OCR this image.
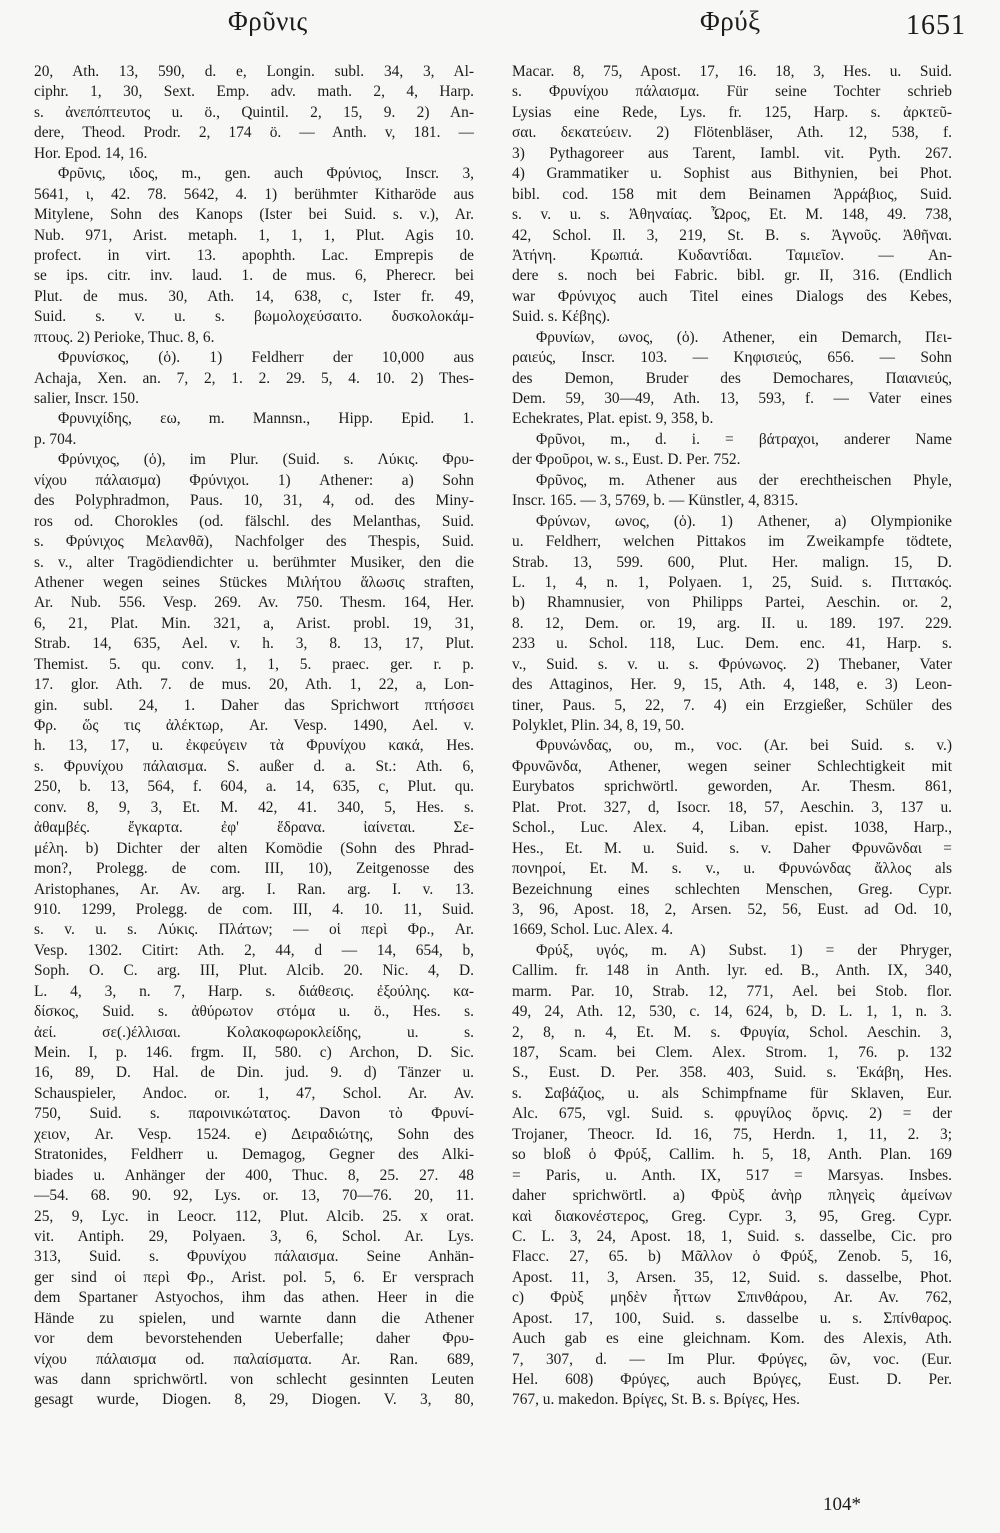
Φρῦνις	Φρύξ	1651
20, Ath. 13, 590, d. e, Longin. subl. 34, 3, Al-
ciphr. 1, 30, Sext. Emp. adv. math. 2, 4, Harp.
s. ἀνεπόπτευτος u. ö., Quintil. 2, 15, 9. 2) An-
dere, Theod. Prodr. 2, 174 ö. — Anth. v, 181. —
Hor. Epod. 14, 16.
Φρῦνις, ιδος, m., gen. auch Φρύνιος, Inscr. 3,
5641, ι, 42. 78. 5642, 4. 1) berühmter Kitharöde aus
Mitylene, Sohn des Kanops (Ister bei Suid. s. v.), Ar.
Nub. 971, Arist. metaph. 1, 1, 1, Plut. Agis 10.
profect. in virt. 13. apophth. Lac. Emprepis de
se ips. citr. inv. laud. 1. de mus. 6, Pherecr. bei
Plut. de mus. 30, Ath. 14, 638, c, Ister fr. 49,
Suid. s. v. u. s. βωμολοχεύσαιτο. δυσκολοκάμ-
πτους. 2) Perioke, Thuc. 8, 6.
Φρυνίσκος, (ὁ). 1) Feldherr der 10,000 aus
Achaja, Xen. an. 7, 2, 1. 2. 29. 5, 4. 10. 2) Thes-
salier, Inscr. 150.
Φρυνιχίδης, εω, m. Mannsn., Hipp. Epid. 1.
p. 704.
Φρύνιχος, (ὁ), im Plur. (Suid. s. Λύκις. Φρυ-
νίχου πάλαισμα) Φρύνιχοι. 1) Athener: a) Sohn
des Polyphradmon, Paus. 10, 31, 4, od. des Miny-
ros od. Chorokles (od. fälschl. des Melanthas, Suid.
s. Φρύνιχος Μελανθᾶ), Nachfolger des Thespis, Suid.
s. v., alter Tragödiendichter u. berühmter Musiker, den die
Athener wegen seines Stückes Μιλήτου ἅλωσις straften,
Ar. Nub. 556. Vesp. 269. Av. 750. Thesm. 164, Her.
6, 21, Plat. Min. 321, a, Arist. probl. 19, 31,
Strab. 14, 635, Ael. v. h. 3, 8. 13, 17, Plut.
Themist. 5. qu. conv. 1, 1, 5. praec. ger. r. p.
17. glor. Ath. 7. de mus. 20, Ath. 1, 22, a, Lon-
gin. subl. 24, 1. Daher das Sprichwort πτήσσει
Φρ. ὥς τις ἀλέκτωρ, Ar. Vesp. 1490, Ael. v.
h. 13, 17, u. ἐκφεύγειν τὰ Φρυνίχου κακά, Hes.
s. Φρυνίχου πάλαισμα. S. außer d. a. St.: Ath. 6,
250, b. 13, 564, f. 604, a. 14, 635, c, Plut. qu.
conv. 8, 9, 3, Et. M. 42, 41. 340, 5, Hes. s.
ἀθαμβές. ἔγκαρτα. ἐφ' ἕδρανα. ἰαίνεται. Σε-
μέλη. b) Dichter der alten Komödie (Sohn des Phrad-
mon?, Prolegg. de com. III, 10), Zeitgenosse des
Aristophanes, Ar. Av. arg. I. Ran. arg. I. v. 13.
910. 1299, Prolegg. de com. III, 4. 10. 11, Suid.
s. v. u. s. Λύκις. Πλάτων; — οἱ περὶ Φρ., Ar.
Vesp. 1302. Citirt: Ath. 2, 44, d — 14, 654, b,
Soph. O. C. arg. III, Plut. Alcib. 20. Nic. 4, D.
L. 4, 3, n. 7, Harp. s. διάθεσις. ἐξούλης. κα-
δίσκος, Suid. s. ἀθύρωτον στόμα u. ö., Hes. s.
ἀεί. σε(.)έλλισαι. Κολακοφωροκλείδης, u. s.
Mein. I, p. 146. frgm. II, 580. c) Archon, D. Sic.
16, 89, D. Hal. de Din. jud. 9. d) Tänzer u.
Schauspieler, Andoc. or. 1, 47, Schol. Ar. Av.
750, Suid. s. παροινικώτατος. Davon τὸ Φρυνί-
χειον, Ar. Vesp. 1524. e) Δειραδιώτης, Sohn des
Stratonides, Feldherr u. Demagog, Gegner des Alki-
biades u. Anhänger der 400, Thuc. 8, 25. 27. 48
—54. 68. 90. 92, Lys. or. 13, 70—76. 20, 11.
25, 9, Lyc. in Leocr. 112, Plut. Alcib. 25. x orat.
vit. Antiph. 29, Polyaen. 3, 6, Schol. Ar. Lys.
313, Suid. s. Φρυνίχου πάλαισμα. Seine Anhän-
ger sind οἱ περὶ Φρ., Arist. pol. 5, 6. Er versprach
dem Spartaner Astyochos, ihm das athen. Heer in die
Hände zu spielen, und warnte dann die Athener
vor dem bevorstehenden Ueberfalle; daher Φρυ-
νίχου πάλαισμα od. παλαίσματα. Ar. Ran. 689,
was dann sprichwörtl. von schlecht gesinnten Leuten
gesagt wurde, Diogen. 8, 29, Diogen. V. 3, 80,
Macar. 8, 75, Apost. 17, 16. 18, 3, Hes. u. Suid.
s. Φρυνίχου πάλαισμα. Für seine Tochter schrieb
Lysias eine Rede, Lys. fr. 125, Harp. s. ἀρκτεῦ-
σαι. δεκατεύειν. 2) Flötenbläser, Ath. 12, 538, f.
3) Pythagoreer aus Tarent, Iambl. vit. Pyth. 267.
4) Grammatiker u. Sophist aus Bithynien, bei Phot.
bibl. cod. 158 mit dem Beinamen Ἀρράβιος, Suid.
s. v. u. s. Ἀθηναίας. Ὦρος, Et. M. 148, 49. 738,
42, Schol. Il. 3, 219, St. B. s. Ἀγνοῦς. Ἀθῆναι.
Ἀτήνη. Κρωπιά. Κυδαντίδαι. Ταμιεῖον. — An-
dere s. noch bei Fabric. bibl. gr. II, 316. (Endlich
war Φρύνιχος auch Titel eines Dialogs des Kebes,
Suid. s. Κέβης).
Φρυνίων, ωνος, (ὁ). Athener, ein Demarch, Πει-
ραιεύς, Inscr. 103. — Κηφισιεύς, 656. — Sohn
des Demon, Bruder des Demochares, Παιανιεύς,
Dem. 59, 30—49, Ath. 13, 593, f. — Vater eines
Echekrates, Plat. epist. 9, 358, b.
Φρῦνοι, m., d. i. = βάτραχοι, anderer Name
der Φροῦροι, w. s., Eust. D. Per. 752.
Φρῦνος, m. Athener aus der erechtheischen Phyle,
Inscr. 165. — 3, 5769, b. — Künstler, 4, 8315.
Φρύνων, ωνος, (ὁ). 1) Athener, a) Olympionike
u. Feldherr, welchen Pittakos im Zweikampfe tödtete,
Strab. 13, 599. 600, Plut. Her. malign. 15, D.
L. 1, 4, n. 1, Polyaen. 1, 25, Suid. s. Πιττακός.
b) Rhamnusier, von Philipps Partei, Aeschin. or. 2,
8. 12, Dem. or. 19, arg. II. u. 189. 197. 229.
233 u. Schol. 118, Luc. Dem. enc. 41, Harp. s.
v., Suid. s. v. u. s. Φρύνωνος. 2) Thebaner, Vater
des Attaginos, Her. 9, 15, Ath. 4, 148, e. 3) Leon-
tiner, Paus. 5, 22, 7. 4) ein Erzgießer, Schüler des
Polyklet, Plin. 34, 8, 19, 50.
Φρυνώνδας, ου, m., voc. (Ar. bei Suid. s. v.)
Φρυνῶνδα, Athener, wegen seiner Schlechtigkeit mit
Eurybatos sprichwörtl. geworden, Ar. Thesm. 861,
Plat. Prot. 327, d, Isocr. 18, 57, Aeschin. 3, 137 u.
Schol., Luc. Alex. 4, Liban. epist. 1038, Harp.,
Hes., Et. M. u. Suid. s. v. Daher Φρυνῶνδαι =
πονηροί, Et. M. s. v., u. Φρυνώνδας ἄλλος als
Bezeichnung eines schlechten Menschen, Greg. Cypr.
3, 96, Apost. 18, 2, Arsen. 52, 56, Eust. ad Od. 10,
1669, Schol. Luc. Alex. 4.
Φρύξ, υγός, m. A) Subst. 1) = der Phryger,
Callim. fr. 148 in Anth. lyr. ed. B., Anth. IX, 340,
marm. Par. 10, Strab. 12, 771, Ael. bei Stob. flor.
49, 24, Ath. 12, 530, c. 14, 624, b, D. L. 1, 1, n. 3.
2, 8, n. 4, Et. M. s. Φρυγία, Schol. Aeschin. 3,
187, Scam. bei Clem. Alex. Strom. 1, 76. p. 132
S., Eust. D. Per. 358. 403, Suid. s. Ἑκάβη, Hes.
s. Σαβάζιος, u. als Schimpfname für Sklaven, Eur.
Alc. 675, vgl. Suid. s. φρυγίλος ὄρνις. 2) = der
Trojaner, Theocr. Id. 16, 75, Herdn. 1, 11, 2. 3;
so bloß ὁ Φρύξ, Callim. h. 5, 18, Anth. Plan. 169
= Paris, u. Anth. IX, 517 = Marsyas. Insbes.
daher sprichwörtl. a) Φρὺξ ἀνὴρ πληγεὶς ἀμείνων
καὶ διακονέστερος, Greg. Cypr. 3, 95, Greg. Cypr.
C. L. 3, 24, Apost. 18, 1, Suid. s. dasselbe, Cic. pro
Flacc. 27, 65. b) Μᾶλλον ὁ Φρύξ, Zenob. 5, 16,
Apost. 11, 3, Arsen. 35, 12, Suid. s. dasselbe, Phot.
c) Φρὺξ μηδὲν ἧττων Σπινθάρου, Ar. Av. 762,
Apost. 17, 100, Suid. s. dasselbe u. s. Σπίνθαρος.
Auch gab es eine gleichnam. Kom. des Alexis, Ath.
7, 307, d. — Im Plur. Φρύγες, ῶν, voc. (Eur.
Hel. 608) Φρύγες, auch Βρύγες, Eust. D. Per.
767, u. makedon. Βρίγες, St. B. s. Βρίγες, Hes.
104*
